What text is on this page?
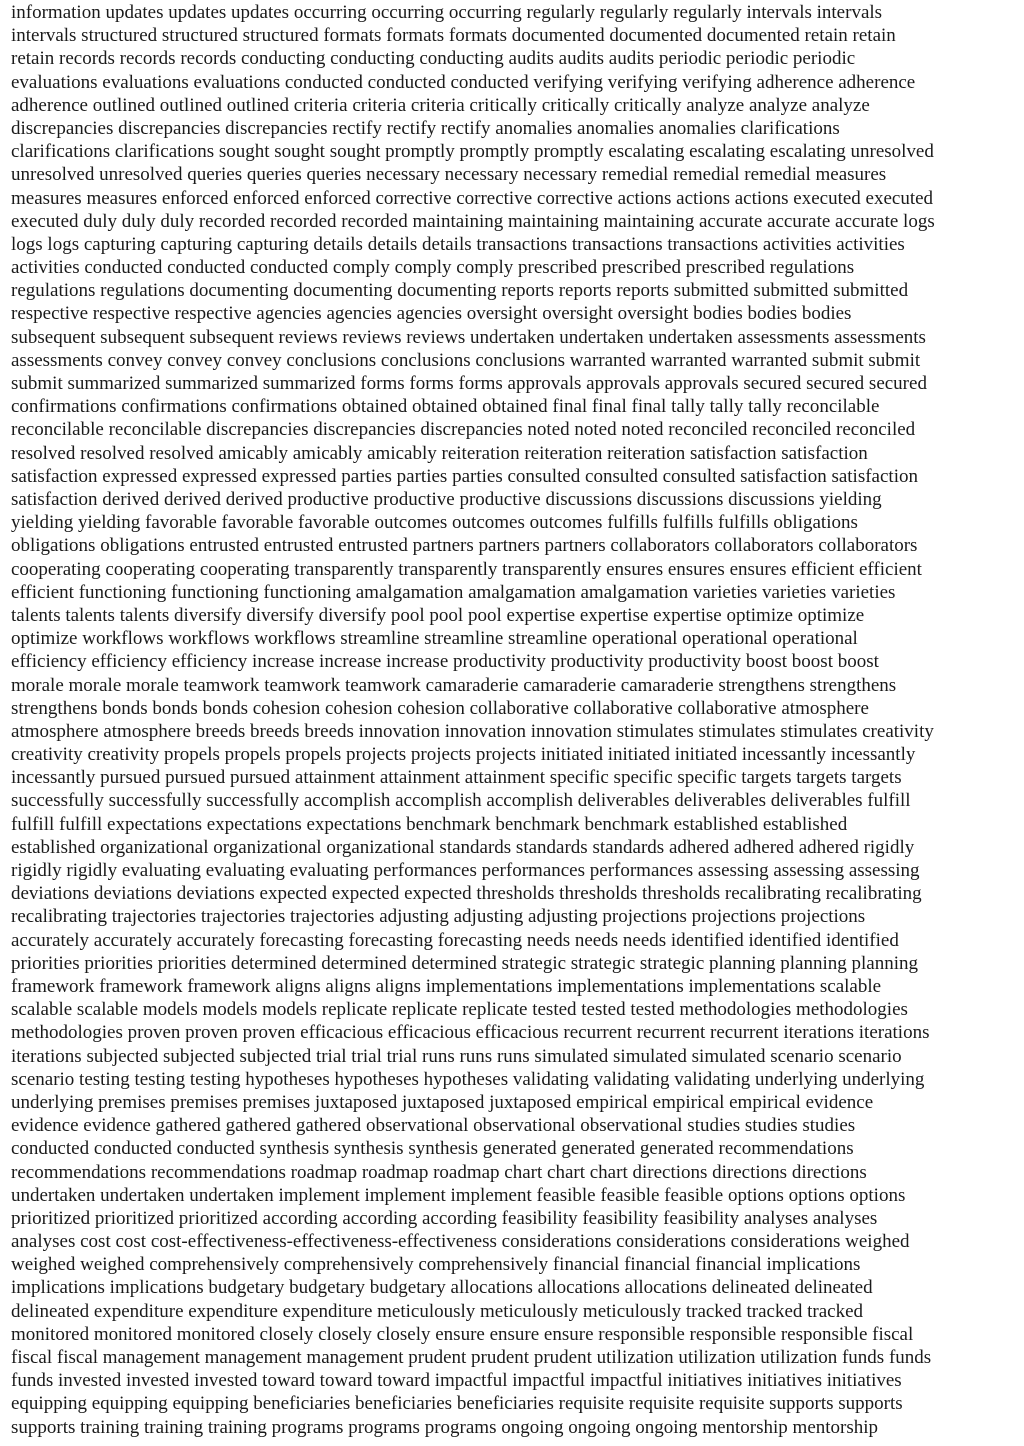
information updates updates updates occurring occurring occurring regularly regularly regularly intervals intervals
intervals structured structured structured formats formats formats documented documented documented retain retain
retain records records records conducting conducting conducting audits audits audits periodic periodic periodic
evaluations evaluations evaluations conducted conducted conducted verifying verifying verifying adherence adherence
adherence outlined outlined outlined criteria criteria criteria critically critically critically analyze analyze analyze
discrepancies discrepancies discrepancies rectify rectify rectify anomalies anomalies anomalies clarifications
clarifications clarifications sought sought sought promptly promptly promptly escalating escalating escalating unresolved
unresolved unresolved queries queries queries necessary necessary necessary remedial remedial remedial measures
measures measures enforced enforced enforced corrective corrective corrective actions actions actions executed executed
executed duly duly duly recorded recorded recorded maintaining maintaining maintaining accurate accurate accurate logs
logs logs capturing capturing capturing details details details transactions transactions transactions activities activities
activities conducted conducted conducted comply comply comply prescribed prescribed prescribed regulations
regulations regulations documenting documenting documenting reports reports reports submitted submitted submitted
respective respective respective agencies agencies agencies oversight oversight oversight bodies bodies bodies
subsequent subsequent subsequent reviews reviews reviews undertaken undertaken undertaken assessments assessments
assessments convey convey convey conclusions conclusions conclusions warranted warranted warranted submit submit
submit summarized summarized summarized forms forms forms approvals approvals approvals secured secured secured
confirmations confirmations confirmations obtained obtained obtained final final final tally tally tally reconcilable
reconcilable reconcilable discrepancies discrepancies discrepancies noted noted noted reconciled reconciled reconciled
resolved resolved resolved amicably amicably amicably reiteration reiteration reiteration satisfaction satisfaction
satisfaction expressed expressed expressed parties parties parties consulted consulted consulted satisfaction satisfaction
satisfaction derived derived derived productive productive productive discussions discussions discussions yielding
yielding yielding favorable favorable favorable outcomes outcomes outcomes fulfills fulfills fulfills obligations
obligations obligations entrusted entrusted entrusted partners partners partners collaborators collaborators collaborators
cooperating cooperating cooperating transparently transparently transparently ensures ensures ensures efficient efficient
efficient functioning functioning functioning amalgamation amalgamation amalgamation varieties varieties varieties
talents talents talents diversify diversify diversify pool pool pool expertise expertise expertise optimize optimize
optimize workflows workflows workflows streamline streamline streamline operational operational operational
efficiency efficiency efficiency increase increase increase productivity productivity productivity boost boost boost
morale morale morale teamwork teamwork teamwork camaraderie camaraderie camaraderie strengthens strengthens
strengthens bonds bonds bonds cohesion cohesion cohesion collaborative collaborative collaborative atmosphere
atmosphere atmosphere breeds breeds breeds innovation innovation innovation stimulates stimulates stimulates creativity
creativity creativity propels propels propels projects projects projects initiated initiated initiated incessantly incessantly
incessantly pursued pursued pursued attainment attainment attainment specific specific specific targets targets targets
successfully successfully successfully accomplish accomplish accomplish deliverables deliverables deliverables fulfill
fulfill fulfill expectations expectations expectations benchmark benchmark benchmark established established
established organizational organizational organizational standards standards standards adhered adhered adhered rigidly
rigidly rigidly evaluating evaluating evaluating performances performances performances assessing assessing assessing
deviations deviations deviations expected expected expected thresholds thresholds thresholds recalibrating recalibrating
recalibrating trajectories trajectories trajectories adjusting adjusting adjusting projections projections projections
accurately accurately accurately forecasting forecasting forecasting needs needs needs identified identified identified
priorities priorities priorities determined determined determined strategic strategic strategic planning planning planning
framework framework framework aligns aligns aligns implementations implementations implementations scalable
scalable scalable models models models replicate replicate replicate tested tested tested methodologies methodologies
methodologies proven proven proven efficacious efficacious efficacious recurrent recurrent recurrent iterations iterations
iterations subjected subjected subjected trial trial trial runs runs runs simulated simulated simulated scenario scenario
scenario testing testing testing hypotheses hypotheses hypotheses validating validating validating underlying underlying
underlying premises premises premises juxtaposed juxtaposed juxtaposed empirical empirical empirical evidence
evidence evidence gathered gathered gathered observational observational observational studies studies studies
conducted conducted conducted synthesis synthesis synthesis generated generated generated recommendations
recommendations recommendations roadmap roadmap roadmap chart chart chart directions directions directions
undertaken undertaken undertaken implement implement implement feasible feasible feasible options options options
prioritized prioritized prioritized according according according feasibility feasibility feasibility analyses analyses
analyses cost cost cost-effectiveness-effectiveness-effectiveness considerations considerations considerations weighed
weighed weighed comprehensively comprehensively comprehensively financial financial financial implications
implications implications budgetary budgetary budgetary allocations allocations allocations delineated delineated
delineated expenditure expenditure expenditure meticulously meticulously meticulously tracked tracked tracked
monitored monitored monitored closely closely closely ensure ensure ensure responsible responsible responsible fiscal
fiscal fiscal management management management prudent prudent prudent utilization utilization utilization funds funds
funds invested invested invested toward toward toward impactful impactful impactful initiatives initiatives initiatives
equipping equipping equipping beneficiaries beneficiaries beneficiaries requisite requisite requisite supports supports
supports training training training programs programs programs ongoing ongoing ongoing mentorship mentorship
